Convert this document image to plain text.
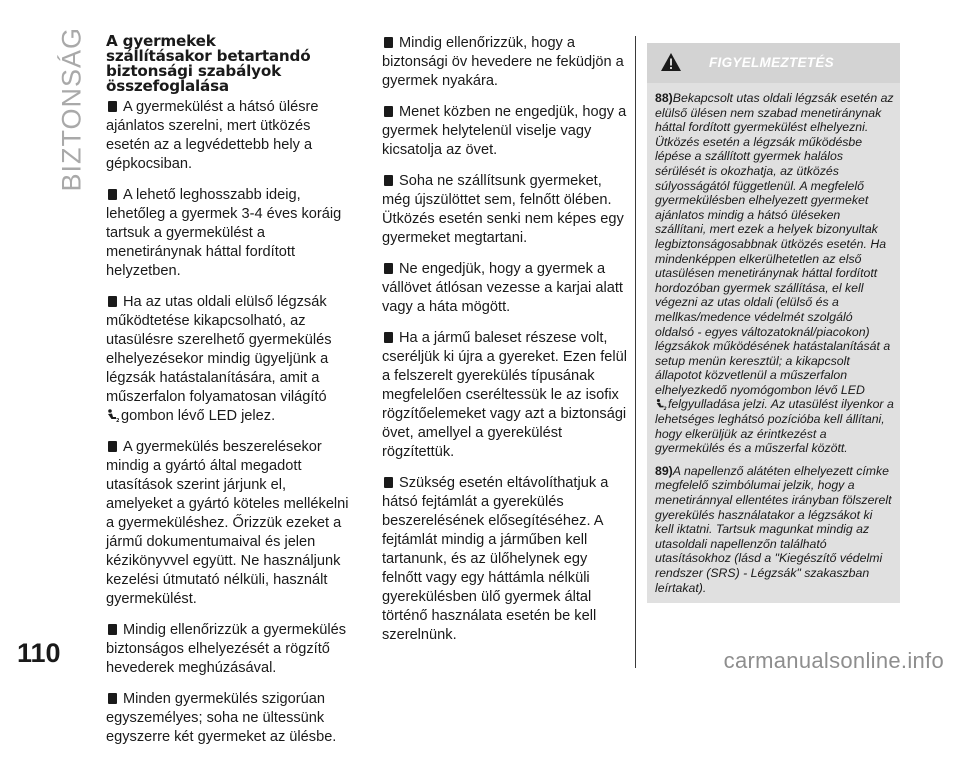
BIZTONSÁG A gyermekek
szállításakor betartandó
biztonsági szabályok
összefoglalása

A gyermekülést a hátsó ülésre ajánlatos szerelni, mert ütközés esetén az a legvédettebb hely a gépkocsiban.

A lehető leghosszabb ideig, lehetőleg a gyermek 3-4 éves koráig tartsuk a gyermekülést a menetiránynak háttal fordított helyzetben.

Ha az utas oldali elülső légzsák működtetése kikapcsolható, az utasülésre szerelhető gyermekülés elhelyezésekor mindig ügyeljünk a légzsák hatástalanítására, amit a műszerfalon folyamatosan világító

2 gombon lévő LED jelez.

A gyermekülés beszerelésekor mindig a gyártó által megadott utasítások szerint járjunk el, amelyeket a gyártó köteles mellékelni a gyermeküléshez. Őrizzük ezeket a jármű dokumentumaival és jelen kézikönyvvel együtt. Ne használjunk kezelési útmutató nélküli, használt gyermekülést.

Mindig ellenőrizzük a gyermekülés biztonságos elhelyezését a rögzítő hevederek meghúzásával.

Minden gyermekülés szigorúan egyszemélyes; soha ne ültessünk egyszerre két gyermeket az ülésbe.

Mindig ellenőrizzük, hogy a biztonsági öv hevedere ne feküdjön a gyermek nyakára.

Menet közben ne engedjük, hogy a gyermek helytelenül viselje vagy kicsatolja az övet.

Soha ne szállítsunk gyermeket, még újszülöttet sem, felnőtt ölében. Ütközés esetén senki nem képes egy gyermeket megtartani.

Ne engedjük, hogy a gyermek a vállövet átlósan vezesse a karjai alatt vagy a háta mögött.

Ha a jármű baleset részese volt, cseréljük ki újra a gyereket. Ezen felül a felszerelt gyerekülés típusának megfelelően cseréltessük le az isofix rögzítőelemeket vagy azt a biztonsági övet, amellyel a gyerekülést rögzítettük.

Szükség esetén eltávolíthatjuk a hátsó fejtámlát a gyerekülés beszerelésének elősegítéséhez. A fejtámlát mindig a járműben kell tartanunk, és az ülőhelynek egy felnőtt vagy egy háttámla nélküli gyerekülésben ülő gyermek által történő használata esetén be kell szerelnünk.

FIGYELMEZTETÉS

88)Bekapcsolt utas oldali légzsák esetén az elülső ülésen nem szabad menetiránynak háttal fordított gyermekülést elhelyezni. Ütközés esetén a légzsák működésbe lépése a szállított gyermek halálos sérülését is okozhatja, az ütközés súlyosságától függetlenül. A megfelelő gyermekülésben elhelyezett gyermeket ajánlatos mindig a hátsó üléseken szállítani, mert ezek a helyek bizonyultak legbiztonságosabbnak ütközés esetén. Ha mindenképpen elkerülhetetlen az első utasülésen menetiránynak háttal fordított hordozóban gyermek szállítása, el kell végezni az utas oldali (elülső és a mellkas/medence védelmét szolgáló oldalsó - egyes változatoknál/piacokon) légzsákok működésének hatástalanítását a setup menün keresztül; a kikapcsolt állapotot közvetlenül a műszerfalon elhelyezkedő nyomógombon lévő LED

2 felgyulladása jelzi. Az utasülést ilyenkor a lehetséges leghátsó pozícióba kell állítani, hogy elkerüljük az érintkezést a gyermekülés és a műszerfal között.

89)A napellenző alátéten elhelyezett címke megfelelő szimbólumai jelzik, hogy a menetiránnyal ellentétes irányban fölszerelt gyerekülés használatakor a légzsákot ki kell iktatni. Tartsuk magunkat mindig az utasoldali napellenzőn található utasításokhoz (lásd a "Kiegészítő védelmi rendszer (SRS) - Légzsák" szakaszban leírtakat).

110	carmanualsonline.info
